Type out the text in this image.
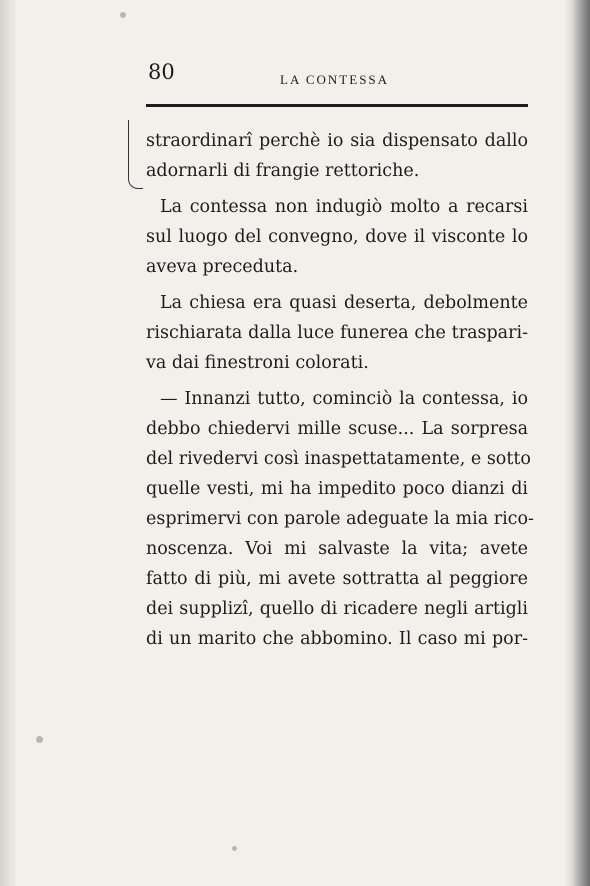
80	LA CONTESSA

straordinarî perchè io sia dispensato dallo
adornarli di frangie rettoriche.

La contessa non indugiò molto a recarsi
sul luogo del convegno, dove il visconte lo
aveva preceduta.

La chiesa era quasi deserta, debolmente
rischiarata dalla luce funerea che traspari-
va dai finestroni colorati.

— Innanzi tutto, cominciò la contessa, io
debbo chiedervi mille scuse... La sorpresa
del rivedervi così inaspettatamente, e sotto
quelle vesti, mi ha impedito poco dianzi di
esprimervi con parole adeguate la mia rico-
noscenza. Voi mi salvaste la vita; avete
fatto di più, mi avete sottratta al peggiore
dei supplizî, quello di ricadere negli artigli
di un marito che abbomino. Il caso mi por-
